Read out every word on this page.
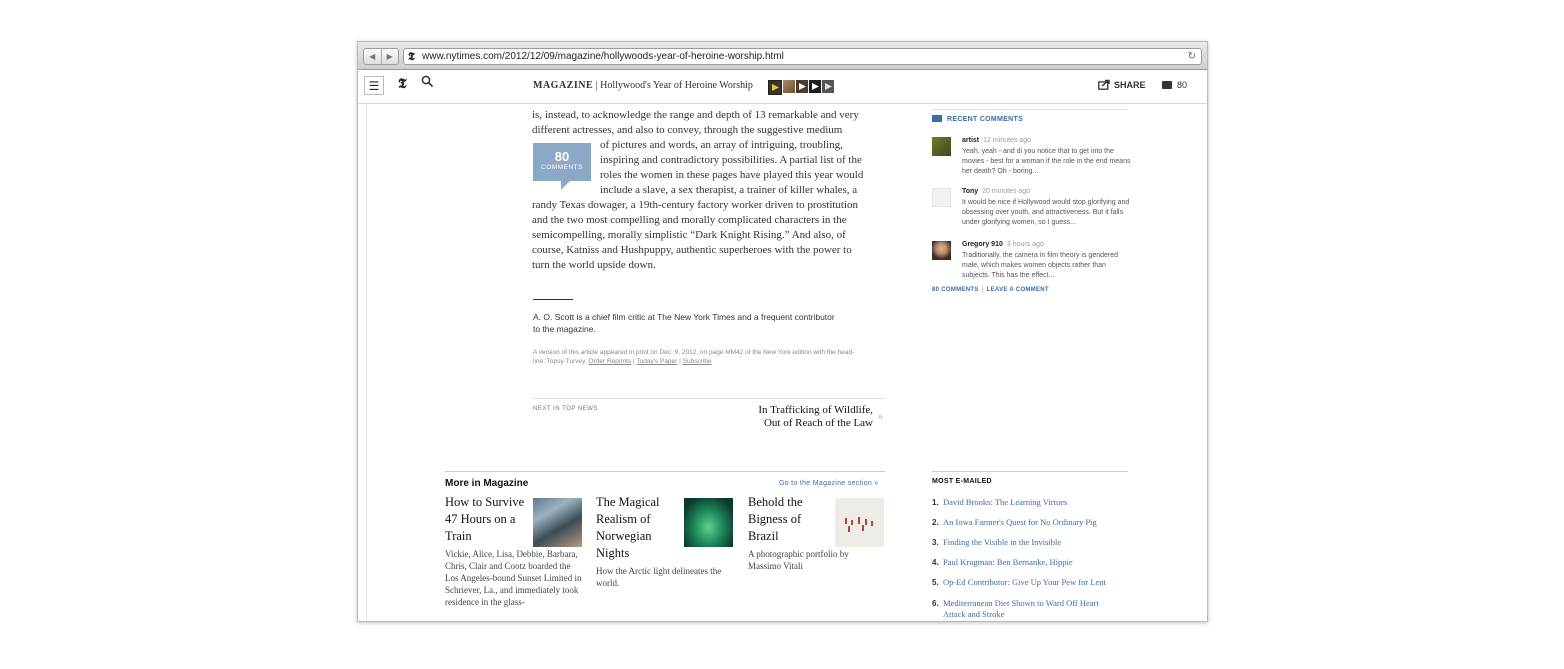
◀	▶	𝕿 www.nytimes.com/2012/12/09/magazine/hollywoods-year-of-heroine-worship.html	↻
☰	𝕿	MAGAZINE | Hollywood's Year of Heroine Worship	SHARE	80
is, instead, to acknowledge the range and depth of 13 remarkable and very
different actresses, and also to convey, through the suggestive medium
of pictures and words, an array of intriguing, troubling,
inspiring and contradictory possibilities. A partial list of the
roles the women in these pages have played this year would
include a slave, a sex therapist, a trainer of killer whales, a
randy Texas dowager, a 19th-century factory worker driven to prostitution
and the two most compelling and morally complicated characters in the
semicompelling, morally simplistic “Dark Knight Rising.” And also, of
course, Katniss and Hushpuppy, authentic superheroes with the power to
turn the world upside down.
80
COMMENTS
A. O. Scott is a chief film critic at The New York Times and a frequent contributor
to the magazine.
A version of this article appeared in print on Dec. 9, 2012, on page MM42 of the New York edition with the head-
line: Topsy-Turvey. Order Reprints | Today's Paper | Subscribe
NEXT IN TOP NEWS	In Trafficking of Wildlife,
Out of Reach of the Law
»
RECENT COMMENTS
artist 12 minutes ago
Yeah, yeah - and di you notice that to get into the movies - best for a woman if the role in the end means her death? Oh - boring...
Tony 20 minutes ago
It would be nice if Hollywood would stop glorifying and obsessing over youth, and attractiveness. But it falls under glorifying women, so I guess...
Gregory 910 3 hours ago
Traditionally, the camera in film theory is gendered male, which makes women objects rather than subjects. This has the effect...
80 COMMENTS | LEAVE A COMMENT
More in Magazine	Go to the Magazine section »
How to Survive 47 Hours on a Train
Vickie, Alice, Lisa, Debbie, Barbara, Chris, Clair and Cootz boarded the Los Angeles-bound Sunset Limited in Schriever, La., and immediately took residence in the glass-
The Magical Realism of Norwegian Nights
How the Arctic light delineates the world.
Behold the Bigness of Brazil
A photographic portfolio by Massimo Vitali
MOST E-MAILED
1. David Brooks: The Learning Virtues
2. An Iowa Farmer's Quest for No Ordinary Pig
3. Finding the Visible in the Invisible
4. Paul Krugman: Ben Bernanke, Hippie
5. Op-Ed Contributor: Give Up Your Pew for Lent
6. Mediterranean Diet Shown to Ward Off Heart Attack and Stroke
